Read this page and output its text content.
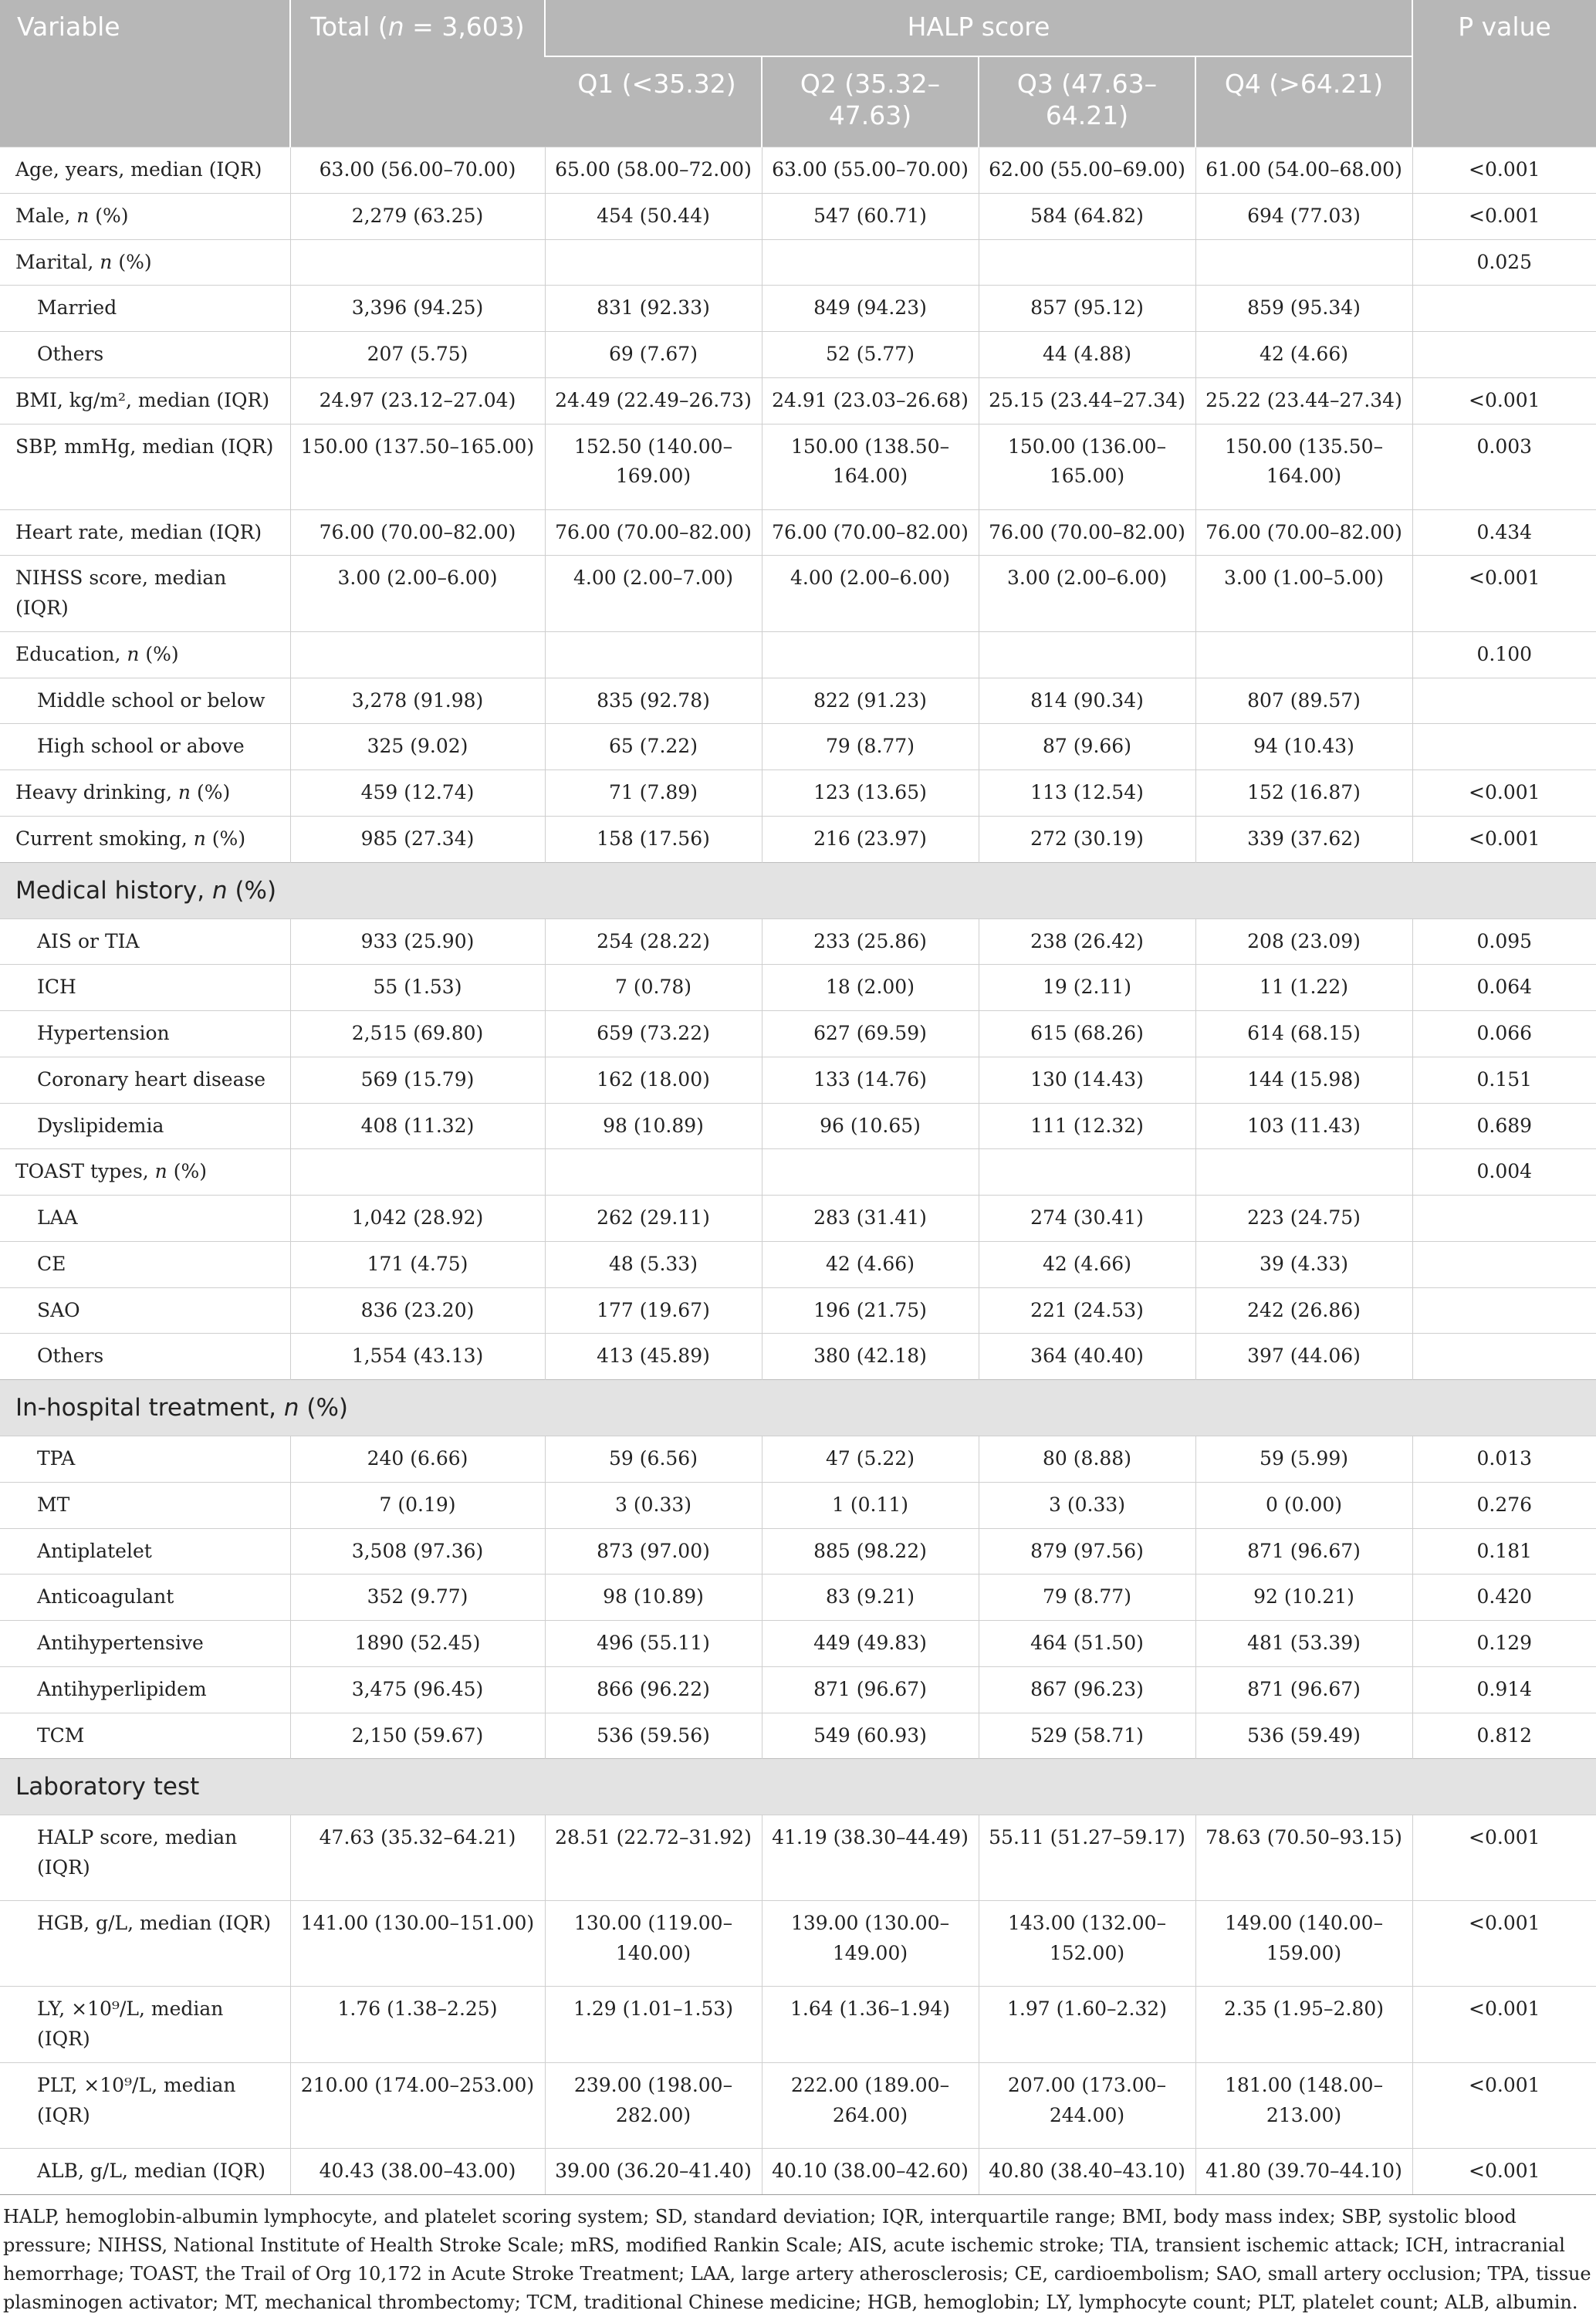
Variable	Total (n = 3,603)	HALP score				P value
		Q1 (<35.32)	Q2 (35.32–47.63)	Q3 (47.63–64.21)	Q4 (>64.21)	
Age, years, median (IQR)	63.00 (56.00–70.00)	65.00 (58.00–72.00)	63.00 (55.00–70.00)	62.00 (55.00–69.00)	61.00 (54.00–68.00)	<0.001
Male, n (%)	2,279 (63.25)	454 (50.44)	547 (60.71)	584 (64.82)	694 (77.03)	<0.001
Marital, n (%)						0.025
Married	3,396 (94.25)	831 (92.33)	849 (94.23)	857 (95.12)	859 (95.34)	
Others	207 (5.75)	69 (7.67)	52 (5.77)	44 (4.88)	42 (4.66)	
BMI, kg/m², median (IQR)	24.97 (23.12–27.04)	24.49 (22.49–26.73)	24.91 (23.03–26.68)	25.15 (23.44–27.34)	25.22 (23.44–27.34)	<0.001
SBP, mmHg, median (IQR)	150.00 (137.50–165.00)	152.50 (140.00–169.00)	150.00 (138.50–164.00)	150.00 (136.00–165.00)	150.00 (135.50–164.00)	0.003
Heart rate, median (IQR)	76.00 (70.00–82.00)	76.00 (70.00–82.00)	76.00 (70.00–82.00)	76.00 (70.00–82.00)	76.00 (70.00–82.00)	0.434
NIHSS score, median (IQR)	3.00 (2.00–6.00)	4.00 (2.00–7.00)	4.00 (2.00–6.00)	3.00 (2.00–6.00)	3.00 (1.00–5.00)	<0.001
Education, n (%)						0.100
Middle school or below	3,278 (91.98)	835 (92.78)	822 (91.23)	814 (90.34)	807 (89.57)	
High school or above	325 (9.02)	65 (7.22)	79 (8.77)	87 (9.66)	94 (10.43)	
Heavy drinking, n (%)	459 (12.74)	71 (7.89)	123 (13.65)	113 (12.54)	152 (16.87)	<0.001
Current smoking, n (%)	985 (27.34)	158 (17.56)	216 (23.97)	272 (30.19)	339 (37.62)	<0.001
Medical history, n (%)						
AIS or TIA	933 (25.90)	254 (28.22)	233 (25.86)	238 (26.42)	208 (23.09)	0.095
ICH	55 (1.53)	7 (0.78)	18 (2.00)	19 (2.11)	11 (1.22)	0.064
Hypertension	2,515 (69.80)	659 (73.22)	627 (69.59)	615 (68.26)	614 (68.15)	0.066
Coronary heart disease	569 (15.79)	162 (18.00)	133 (14.76)	130 (14.43)	144 (15.98)	0.151
Dyslipidemia	408 (11.32)	98 (10.89)	96 (10.65)	111 (12.32)	103 (11.43)	0.689
TOAST types, n (%)						0.004
LAA	1,042 (28.92)	262 (29.11)	283 (31.41)	274 (30.41)	223 (24.75)	
CE	171 (4.75)	48 (5.33)	42 (4.66)	42 (4.66)	39 (4.33)	
SAO	836 (23.20)	177 (19.67)	196 (21.75)	221 (24.53)	242 (26.86)	
Others	1,554 (43.13)	413 (45.89)	380 (42.18)	364 (40.40)	397 (44.06)	
In-hospital treatment, n (%)						
TPA	240 (6.66)	59 (6.56)	47 (5.22)	80 (8.88)	59 (5.99)	0.013
MT	7 (0.19)	3 (0.33)	1 (0.11)	3 (0.33)	0 (0.00)	0.276
Antiplatelet	3,508 (97.36)	873 (97.00)	885 (98.22)	879 (97.56)	871 (96.67)	0.181
Anticoagulant	352 (9.77)	98 (10.89)	83 (9.21)	79 (8.77)	92 (10.21)	0.420
Antihypertensive	1890 (52.45)	496 (55.11)	449 (49.83)	464 (51.50)	481 (53.39)	0.129
Antihyperlipidem	3,475 (96.45)	866 (96.22)	871 (96.67)	867 (96.23)	871 (96.67)	0.914
TCM	2,150 (59.67)	536 (59.56)	549 (60.93)	529 (58.71)	536 (59.49)	0.812
Laboratory test						
HALP score, median (IQR)	47.63 (35.32–64.21)	28.51 (22.72–31.92)	41.19 (38.30–44.49)	55.11 (51.27–59.17)	78.63 (70.50–93.15)	<0.001
HGB, g/L, median (IQR)	141.00 (130.00–151.00)	130.00 (119.00–140.00)	139.00 (130.00–149.00)	143.00 (132.00–152.00)	149.00 (140.00–159.00)	<0.001
LY, ×10⁹/L, median (IQR)	1.76 (1.38–2.25)	1.29 (1.01–1.53)	1.64 (1.36–1.94)	1.97 (1.60–2.32)	2.35 (1.95–2.80)	<0.001
PLT, ×10⁹/L, median (IQR)	210.00 (174.00–253.00)	239.00 (198.00–282.00)	222.00 (189.00–264.00)	207.00 (173.00–244.00)	181.00 (148.00–213.00)	<0.001
ALB, g/L, median (IQR)	40.43 (38.00–43.00)	39.00 (36.20–41.40)	40.10 (38.00–42.60)	40.80 (38.40–43.10)	41.80 (39.70–44.10)	<0.001
HALP, hemoglobin-albumin lymphocyte, and platelet scoring system; SD, standard deviation; IQR, interquartile range; BMI, body mass index; SBP, systolic blood pressure; NIHSS, National Institute of Health Stroke Scale; mRS, modified Rankin Scale; AIS, acute ischemic stroke; TIA, transient ischemic attack; ICH, intracranial hemorrhage; TOAST, the Trail of Org 10,172 in Acute Stroke Treatment; LAA, large artery atherosclerosis; CE, cardioembolism; SAO, small artery occlusion; TPA, tissue plasminogen activator; MT, mechanical thrombectomy; TCM, traditional Chinese medicine; HGB, hemoglobin; LY, lymphocyte count; PLT, platelet count; ALB, albumin.
